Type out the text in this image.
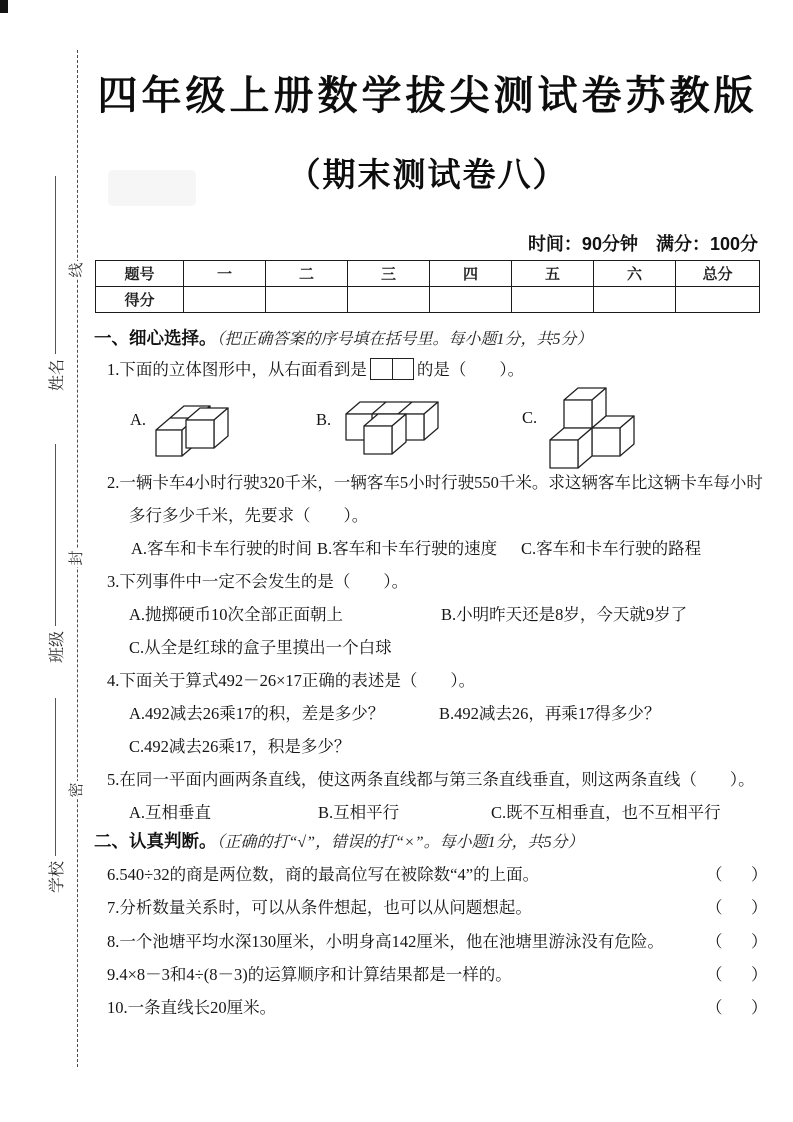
线
封
密
姓名
班级
学校
四年级上册数学拔尖测试卷苏教版
（期末测试卷八）
时间：90分钟　满分：100分
题号	一	二	三	四	五	六	总分
得分							
一、细心选择。（把正确答案的序号填在括号里。每小题1分，共5分）
1.下面的立体图形中，从右面看到是	的是（　　）。
A.	B.	C.
2.一辆卡车4小时行驶320千米，一辆客车5小时行驶550千米。求这辆客车比这辆卡车每小时
多行多少千米，先要求（　　）。
A.客车和卡车行驶的时间 B.客车和卡车行驶的速度 C.客车和卡车行驶的路程
3.下列事件中一定不会发生的是（　　）。
A.抛掷硬币10次全部正面朝上	B.小明昨天还是8岁，今天就9岁了
C.从全是红球的盒子里摸出一个白球
4.下面关于算式492－26×17正确的表述是（　　）。
A.492减去26乘17的积，差是多少？	B.492减去26，再乘17得多少？
C.492减去26乘17，积是多少？
5.在同一平面内画两条直线，使这两条直线都与第三条直线垂直，则这两条直线（　　）。
A.互相垂直	B.互相平行	C.既不互相垂直，也不互相平行
二、认真判断。（正确的打“√”，错误的打“×”。每小题1分，共5分）
6.540÷32的商是两位数，商的最高位写在被除数“4”的上面。	（　）
7.分析数量关系时，可以从条件想起，也可以从问题想起。	（　）
8.一个池塘平均水深130厘米，小明身高142厘米，他在池塘里游泳没有危险。	（　）
9.4×8－3和4÷(8－3)的运算顺序和计算结果都是一样的。	（　）
10.一条直线长20厘米。	（　）
